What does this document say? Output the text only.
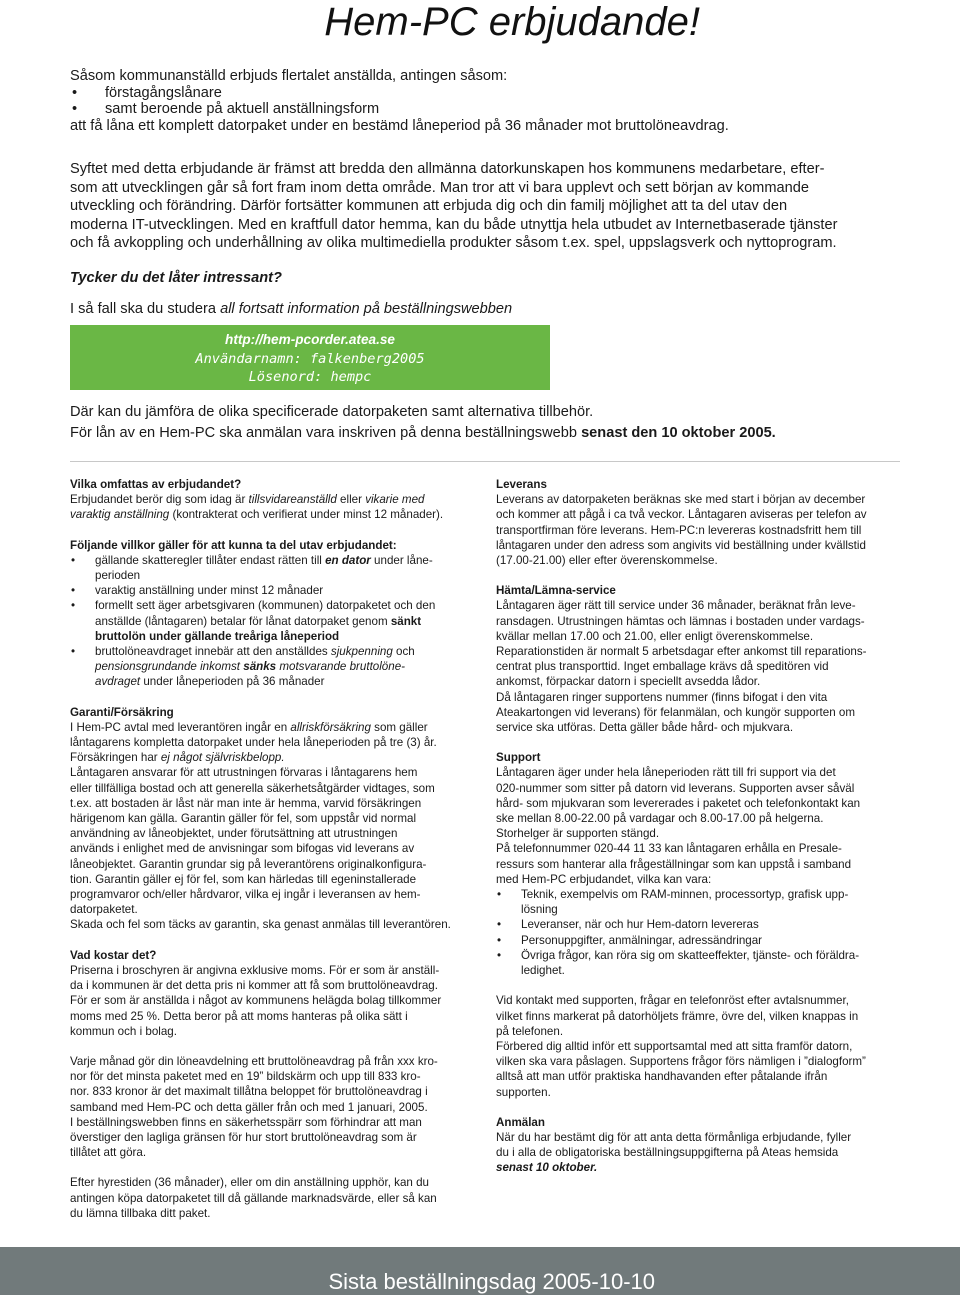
Hem-PC erbjudande!

Såsom kommunanställd erbjuds flertalet anställda, antingen såsom:

• förstagångslånare

• samt beroende på aktuell anställningsform

att få låna ett komplett datorpaket under en bestämd låneperiod på 36 månader mot bruttolöneavdrag.

Syftet med detta erbjudande är främst att bredda den allmänna datorkunskapen hos kommunens medarbetare, efter-
som att utvecklingen går så fort fram inom detta område. Man tror att vi bara upplevt och sett början av kommande
utveckling och förändring. Därför fortsätter kommunen att erbjuda dig och din familj möjlighet att ta del utav den
moderna IT-utvecklingen. Med en kraftfull dator hemma, kan du både utnyttja hela utbudet av Internetbaserade tjänster
och få avkoppling och underhållning av olika multimediella produkter såsom t.ex. spel, uppslagsverk och nyttoprogram.
Tycker du det låter intressant?
I så fall ska du studera all fortsatt information på beställningswebben
http://hem-pcorder.atea.se
Användarnamn: falkenberg2005
Lösenord: hempc
Där kan du jämföra de olika specificerade datorpaketen samt alternativa tillbehör.
För lån av en Hem-PC ska anmälan vara inskriven på denna beställningswebb senast den 10 oktober 2005.
Vilka omfattas av erbjudandet?

Erbjudandet berör dig som idag är tillsvidareanställd eller vikarie med

varaktig anställning (kontrakterat och verifierat under minst 12 månader).

Följande villkor gäller för att kunna ta del utav erbjudandet:
• gällande skatteregler tillåter endast rätten till en dator under låne-
perioden
• varaktig anställning under minst 12 månader
• formellt sett äger arbetsgivaren (kommunen) datorpaketet och den
anställde (låntagaren) betalar för lånat datorpaket genom sänkt
bruttolön under gällande treåriga låneperiod
• bruttolöneavdraget innebär att den anställdes sjukpenning och
pensionsgrundande inkomst sänks motsvarande bruttolöne-
avdraget under låneperioden på 36 månader
Garanti/Försäkring

I Hem-PC avtal med leverantören ingår en allriskförsäkring som gäller

låntagarens kompletta datorpaket under hela låneperioden på tre (3) år.

Försäkringen har ej något självriskbelopp.

Låntagaren ansvarar för att utrustningen förvaras i låntagarens hem

eller tillfälliga bostad och att generella säkerhetsåtgärder vidtages, som

t.ex. att bostaden är låst när man inte är hemma, varvid försäkringen

härigenom kan gälla. Garantin gäller för fel, som uppstår vid normal

användning av låneobjektet, under förutsättning att utrustningen

används i enlighet med de anvisningar som bifogas vid leverans av

låneobjektet. Garantin grundar sig på leverantörens originalkonfigura-

tion. Garantin gäller ej för fel, som kan härledas till egeninstallerade

programvaror och/eller hårdvaror, vilka ej ingår i leveransen av hem-

datorpaketet.

Skada och fel som täcks av garantin, ska genast anmälas till leverantören.

Vad kostar det?

Priserna i broschyren är angivna exklusive moms. För er som är anställ-

da i kommunen är det detta pris ni kommer att få som bruttolöneavdrag.

För er som är anställda i något av kommunens helägda bolag tillkommer

moms med 25 %. Detta beror på att moms hanteras på olika sätt i

kommun och i bolag.

Varje månad gör din löneavdelning ett bruttolöneavdrag på från xxx kro-

nor för det minsta paketet med en 19” bildskärm och upp till 833 kro-

nor. 833 kronor är det maximalt tillåtna beloppet för bruttolöneavdrag i

samband med Hem-PC och detta gäller från och med 1 januari, 2005.

I beställningswebben finns en säkerhetsspärr som förhindrar att man

överstiger den lagliga gränsen för hur stort bruttolöneavdrag som är

tillåtet att göra.

Efter hyrestiden (36 månader), eller om din anställning upphör, kan du

antingen köpa datorpaketet till då gällande marknadsvärde, eller så kan

du lämna tillbaka ditt paket.

Leverans

Leverans av datorpaketen beräknas ske med start i början av december

och kommer att pågå i ca två veckor. Låntagaren aviseras per telefon av

transportfirman före leverans. Hem-PC:n levereras kostnadsfritt hem till

låntagaren under den adress som angivits vid beställning under kvällstid

(17.00-21.00) eller efter överenskommelse.

Hämta/Lämna-service

Låntagaren äger rätt till service under 36 månader, beräknat från leve-

ransdagen. Utrustningen hämtas och lämnas i bostaden under vardags-

kvällar mellan 17.00 och 21.00, eller enligt överenskommelse.

Reparationstiden är normalt 5 arbetsdagar efter ankomst till reparations-

centrat plus transporttid. Inget emballage krävs då speditören vid

ankomst, förpackar datorn i speciellt avsedda lådor.

Då låntagaren ringer supportens nummer (finns bifogat i den vita

Ateakartongen vid leverans) för felanmälan, och kungör supporten om

service ska utföras. Detta gäller både hård- och mjukvara.

Support

Låntagaren äger under hela låneperioden rätt till fri support via det

020-nummer som sitter på datorn vid leverans. Supporten avser såväl

hård- som mjukvaran som levererades i paketet och telefonkontakt kan

ske mellan 8.00-22.00 på vardagar och 8.00-17.00 på helgerna.

Storhelger är supporten stängd.

På telefonnummer 020-44 11 33 kan låntagaren erhålla en Presale-

ressurs som hanterar alla frågeställningar som kan uppstå i samband

med Hem-PC erbjudandet, vilka kan vara:

• Teknik, exempelvis om RAM-minnen, processortyp, grafisk upp-
lösning
• Leveranser, när och hur Hem-datorn levereras
• Personuppgifter, anmälningar, adressändringar
• Övriga frågor, kan röra sig om skatteeffekter, tjänste- och föräldra-
ledighet.

Vid kontakt med supporten, frågar en telefonröst efter avtalsnummer,

vilket finns markerat på datorhöljets främre, övre del, vilken knappas in

på telefonen.

Förbered dig alltid inför ett supportsamtal med att sitta framför datorn,

vilken ska vara påslagen. Supportens frågor förs nämligen i ”dialogform”

alltså att man utför praktiska handhavanden efter påtalande ifrån

supporten.

Anmälan

När du har bestämt dig för att anta detta förmånliga erbjudande, fyller

du i alla de obligatoriska beställningsuppgifterna på Ateas hemsida

senast 10 oktober.

Sista beställningsdag 2005-10-10
